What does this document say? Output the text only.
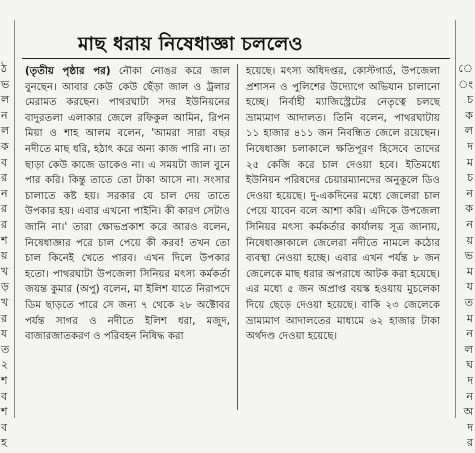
ঠ
ভ
ল
ন
ল
ক
ব
র
ন
র
র
শ
য়
খ
ড়
খ
র
য
ত
২
শ
ব
শ
ব
হ
ে
ং
চ
ক
ল
দ
ম
চ
ন
ক
ন
য়
ভ
ম
য
ত
ম
ন
ল
ঘ
দ
ন
অ
দ
র
মাছ ধরায় নিষেধাজ্ঞা চললেও

(তৃতীয় পৃষ্ঠার পর) নৌকা নোঙর করে জাল বুনছেন। আবার কেউ কেউ ছেঁড়া জাল ও ট্রলার মেরামত করছেন। পাথরঘাটা সদর ইউনিয়নের বাদুরতলা এলাকার জেলে রফিকুল আমিন, রিপন মিয়া ও শাহ আলম বলেন, 'আমরা সারা বছর নদীতে মাছ ধরি, হঠাৎ করে অন্য কাজ পারি না। তা ছাড়া কেউ কাজে ডাকেও না। এ সময়টা জাল বুনে পার করি। কিন্তু তাতে তো টাকা আসে না। সংসার চালাতে কষ্ট হয়। সরকার যে চাল দেয় তাতে উপকার হয়। এবার এখনো পাইনি। কী কারণ সেটাও জানি না।' তারা ক্ষোভপ্রকাশ করে আরও বলেন, নিষেধাজ্ঞার পরে চাল পেয়ে কী করব! তখন তো চাল কিনেই খেতে পারব। এখন দিলে উপকার হতো। পাথরঘাটা উপজেলা সিনিয়র মৎস্য কর্মকর্তা জয়ন্ত কুমার (অপু) বলেন, মা ইলিশ যাতে নিরাপদে ডিম ছাড়তে পারে সে জন্য ৭ থেকে ২৮ অক্টোবর পর্যন্ত সাগর ও নদীতে ইলিশ ধরা, মজুদ, বাজারজাতকরণ ও পরিবহন নিষিদ্ধ করা

হয়েছে। মৎস্য অধিদপ্তর, কোস্টগার্ড, উপজেলা প্রশাসন ও পুলিশের উদ্যোগে অভিযান চালানো হচ্ছে। নির্বাহী ম্যাজিস্ট্রেটের নেতৃত্বে চলছে ভ্রাম্যমাণ আদালত। তিনি বলেন, পাথরঘাটায় ১১ হাজার ৪১১ জন নিবন্ধিত জেলে রয়েছেন। নিষেধাজ্ঞা চলাকালে ক্ষতিপূরণ হিসেবে তাদের ২৫ কেজি করে চাল দেওয়া হবে। ইতিমধ্যে ইউনিয়ন পরিষদের চেয়ারম্যানদের অনুকূলে ডিও দেওয়া হয়েছে। দু-একদিনের মধ্যে জেলেরা চাল পেয়ে যাবেন বলে আশা করি। এদিকে উপজেলা সিনিয়র মৎস্য কর্মকর্তার কার্যালয় সূত্র জানায়, নিষেধাজ্ঞাকালে জেলেরা নদীতে নামলে কঠোর ব্যবস্থা নেওয়া হচ্ছে। এবার এখন পর্যন্ত ৮ জন জেলেকে মাছ ধরার অপরাধে আটক করা হয়েছে। এর মধ্যে ৫ জন অপ্রাপ্ত বয়স্ক হওয়ায় মুচলেকা দিয়ে ছেড়ে দেওয়া হয়েছে। বাকি ২৩ জেলেকে ভ্রাম্যমাণ আদালতের মাধ্যমে ৬২ হাজার টাকা অর্থদণ্ড দেওয়া হয়েছে।
